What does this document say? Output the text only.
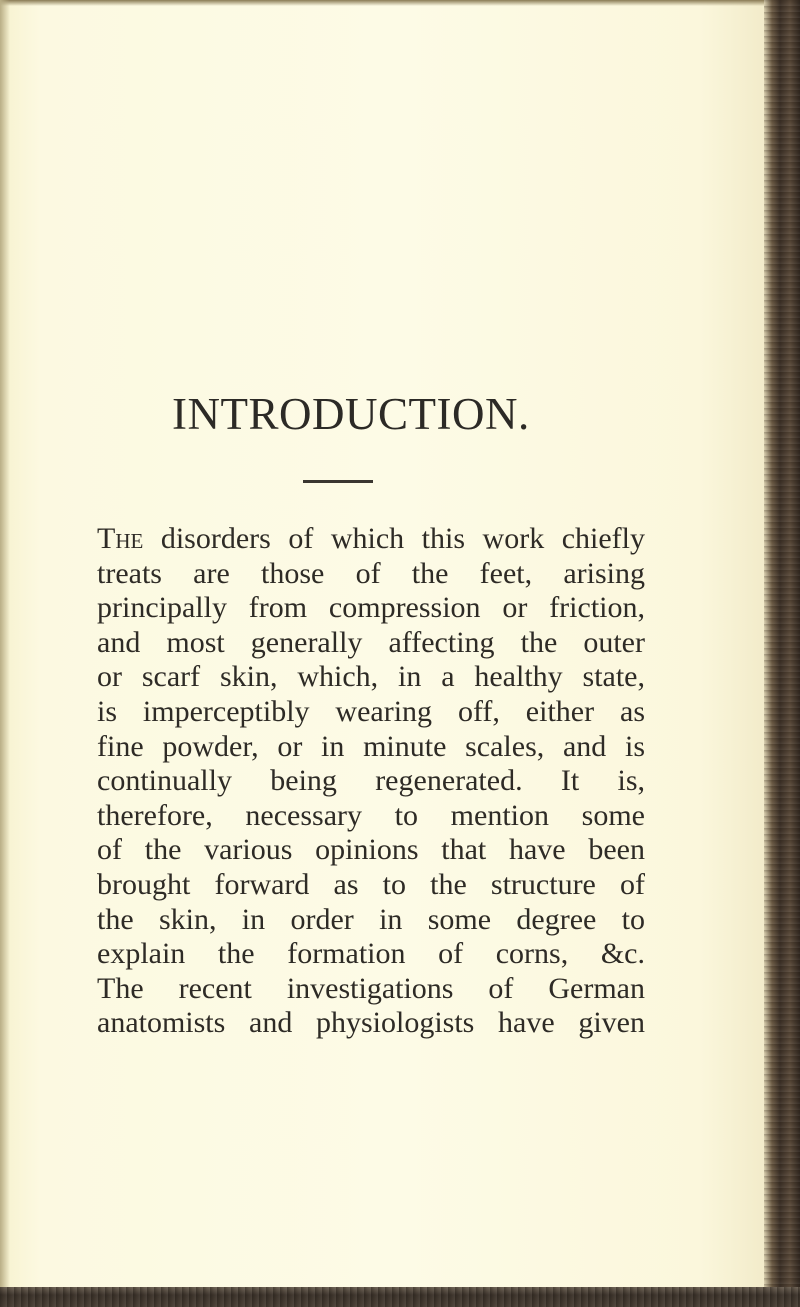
INTRODUCTION.
The disorders of which this work chiefly
treats are those of the feet, arising
principally from compression or friction,
and most generally affecting the outer
or scarf skin, which, in a healthy state,
is imperceptibly wearing off, either as
fine powder, or in minute scales, and is
continually being regenerated. It is,
therefore, necessary to mention some
of the various opinions that have been
brought forward as to the structure of
the skin, in order in some degree to
explain the formation of corns, &c.
The recent investigations of German
anatomists and physiologists have given
